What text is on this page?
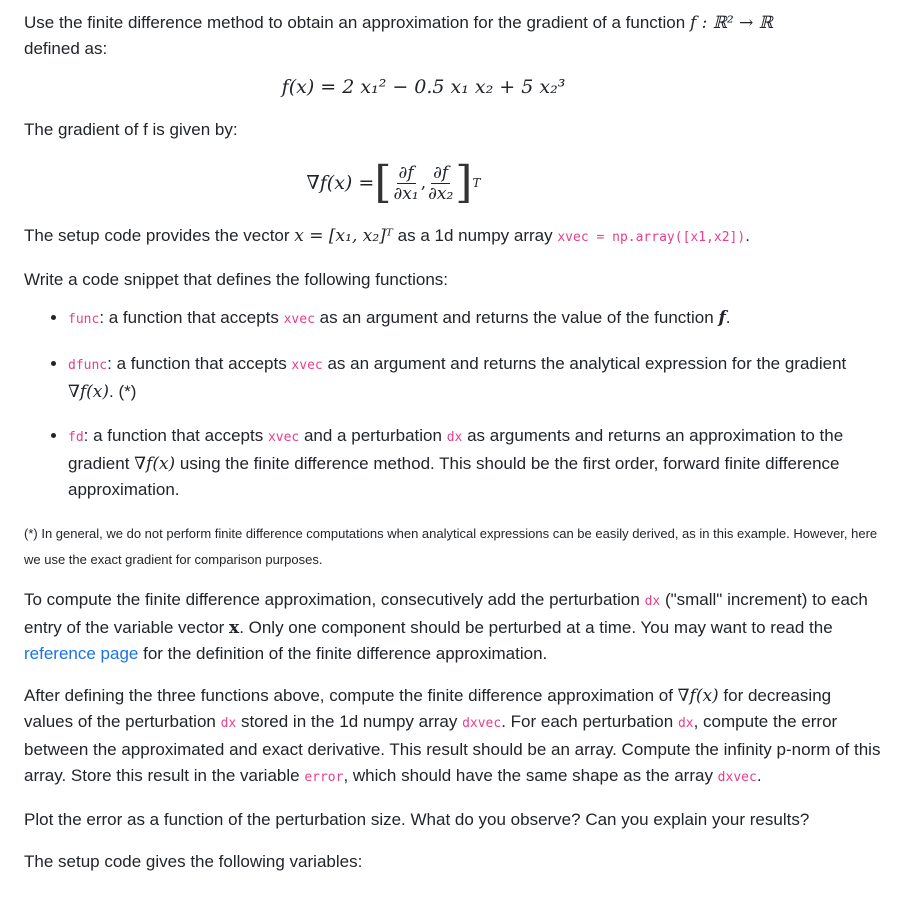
Use the finite difference method to obtain an approximation for the gradient of a function f : ℝ² → ℝ
defined as:

f(x) = 2 x₁² − 0.5 x₁ x₂ + 5 x₂³

The gradient of f is given by:

∇f(x) = [ $\frac{\partial f}{\text{∂x₁}}$ , $\frac{\partial f}{\text{∂x₂}}$ ] T

The setup code provides the vector x = [x₁, x₂]ᵀ as a 1d numpy array xvec = np.array([x1,x2]).

Write a code snippet that defines the following functions:

• func: a function that accepts xvec as an argument and returns the value of the function f.
• dfunc: a function that accepts xvec as an argument and returns the analytical expression for the gradient ∇f(x). (*)
• fd: a function that accepts xvec and a perturbation dx as arguments and returns an approximation to the gradient ∇f(x) using the finite difference method. This should be the first order, forward finite difference approximation.

(*) In general, we do not perform finite difference computations when analytical expressions can be easily derived, as in this example. However, here we use the exact gradient for comparison purposes.

To compute the finite difference approximation, consecutively add the perturbation dx ("small" increment) to each entry of the variable vector x. Only one component should be perturbed at a time. You may want to read the reference page for the definition of the finite difference approximation.

After defining the three functions above, compute the finite difference approximation of ∇f(x) for decreasing values of the perturbation dx stored in the 1d numpy array dxvec. For each perturbation dx, compute the error between the approximated and exact derivative. This result should be an array. Compute the infinity p-norm of this array. Store this result in the variable error, which should have the same shape as the array dxvec.

Plot the error as a function of the perturbation size. What do you observe? Can you explain your results?

The setup code gives the following variables:
